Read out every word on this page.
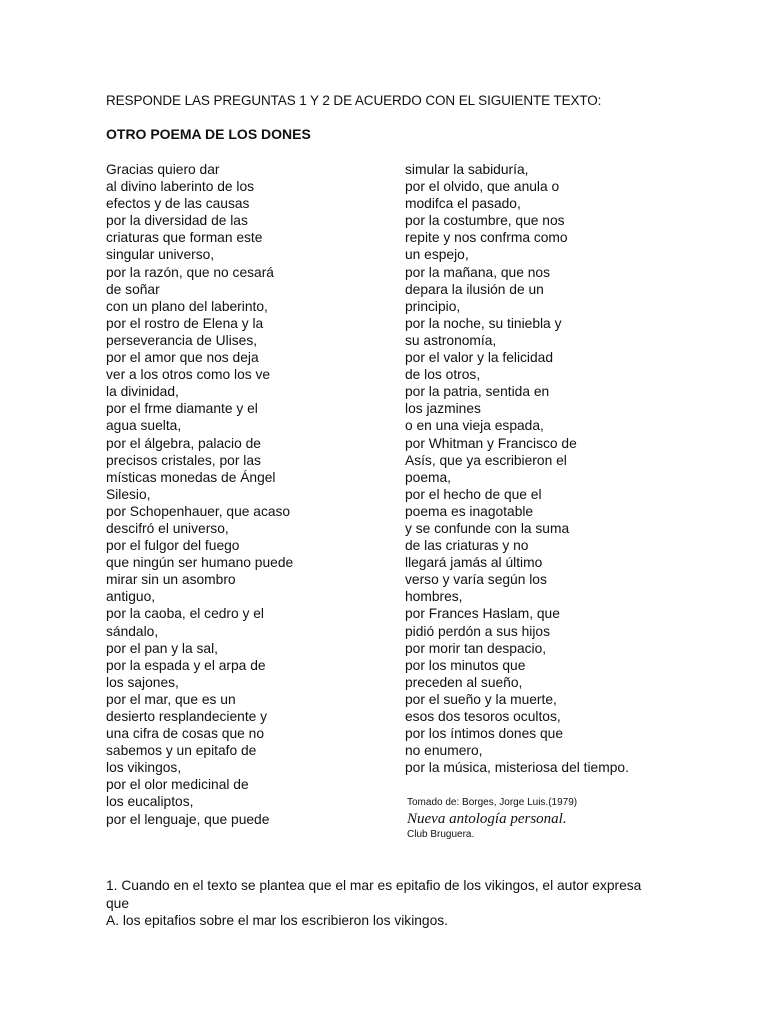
RESPONDE LAS PREGUNTAS 1 Y 2 DE ACUERDO CON EL SIGUIENTE TEXTO:
OTRO POEMA DE LOS DONES
Gracias quiero dar
al divino laberinto de los
efectos y de las causas
por la diversidad de las
criaturas que forman este
singular universo,
por la razón, que no cesará
de soñar
con un plano del laberinto,
por el rostro de Elena y la
perseverancia de Ulises,
por el amor que nos deja
ver a los otros como los ve
la divinidad,
por el frme diamante y el
agua suelta,
por el álgebra, palacio de
precisos cristales, por las
místicas monedas de Ángel
Silesio,
por Schopenhauer, que acaso
descifró el universo,
por el fulgor del fuego
que ningún ser humano puede
mirar sin un asombro
antiguo,
por la caoba, el cedro y el
sándalo,
por el pan y la sal,
por la espada y el arpa de
los sajones,
por el mar, que es un
desierto resplandeciente y
una cifra de cosas que no
sabemos y un epitafo de
los vikingos,
por el olor medicinal de
los eucaliptos,
por el lenguaje, que puede
simular la sabiduría,
por el olvido, que anula o
modifca el pasado,
por la costumbre, que nos
repite y nos confrma como
un espejo,
por la mañana, que nos
depara la ilusión de un
principio,
por la noche, su tiniebla y
su astronomía,
por el valor y la felicidad
de los otros,
por la patria, sentida en
los jazmines
o en una vieja espada,
por Whitman y Francisco de
Asís, que ya escribieron el
poema,
por el hecho de que el
poema es inagotable
y se confunde con la suma
de las criaturas y no
llegará jamás al último
verso y varía según los
hombres,
por Frances Haslam, que
pidió perdón a sus hijos
por morir tan despacio,
por los minutos que
preceden al sueño,
por el sueño y la muerte,
esos dos tesoros ocultos,
por los íntimos dones que
no enumero,
por la música, misteriosa del tiempo.
Tomado de: Borges, Jorge Luis.(1979)
Nueva antología personal.
Club Bruguera.
1. Cuando en el texto se plantea que el mar es epitafio de los vikingos, el autor expresa
que
A. los epitafios sobre el mar los escribieron los vikingos.
